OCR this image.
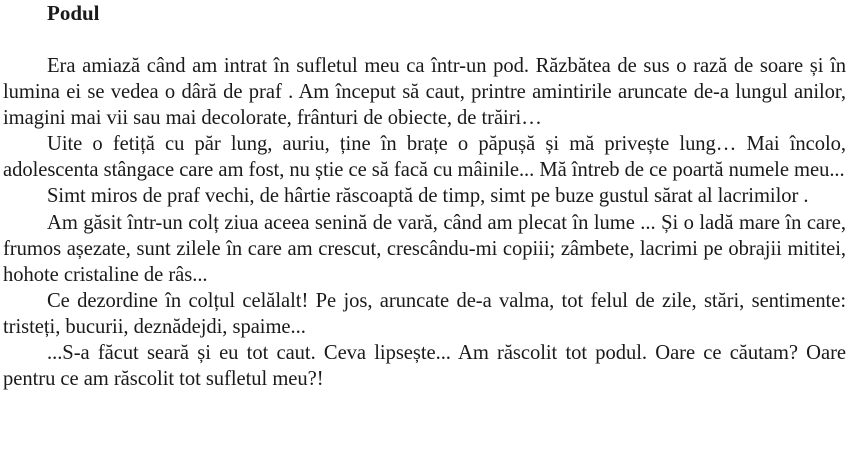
Podul

Era amiază când am intrat în sufletul meu ca într-un pod. Răzbătea de sus o rază de soare și în lumina ei se vedea o dâră de praf . Am început să caut, printre amintirile aruncate de-a lungul anilor, imagini mai vii sau mai decolorate, frânturi de obiecte, de trăiri…

Uite o fetiță cu păr lung, auriu, ține în brațe o păpușă și mă privește lung… Mai încolo, adolescenta stângace care am fost, nu știe ce să facă cu mâinile... Mă întreb de ce poartă numele meu...

Simt miros de praf vechi, de hârtie răscoaptă de timp, simt pe buze gustul sărat al lacrimilor .

Am găsit într-un colț ziua aceea senină de vară, când am plecat în lume ... Și o ladă mare în care, frumos așezate, sunt zilele în care am crescut, crescându-mi copiii; zâmbete, lacrimi pe obrajii mititei, hohote cristaline de râs...

Ce dezordine în colțul celălalt! Pe jos, aruncate de-a valma, tot felul de zile, stări, sentimente: tristeți, bucurii, deznădejdi, spaime...

...S-a făcut seară și eu tot caut. Ceva lipsește... Am răscolit tot podul. Oare ce căutam? Oare pentru ce am răscolit tot sufletul meu?!
